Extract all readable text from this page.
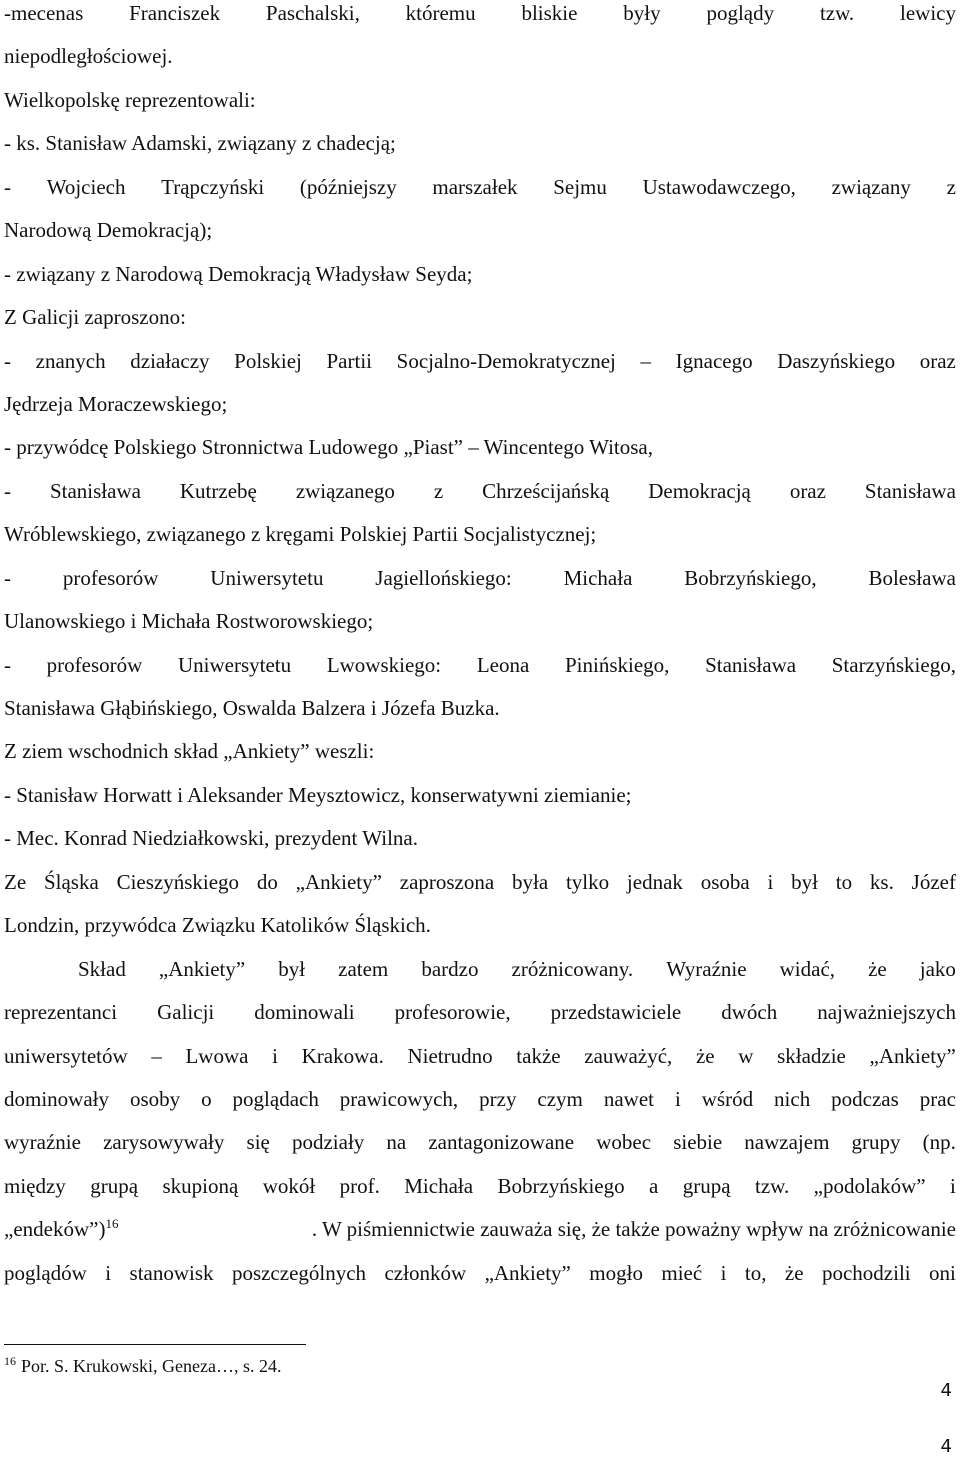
-mecenas Franciszek Paschalski, któremu bliskie były poglądy tzw. lewicy
niepodległościowej.
Wielkopolskę reprezentowali:
- ks. Stanisław Adamski, związany z chadecją;
- Wojciech Trąpczyński (późniejszy marszałek Sejmu Ustawodawczego, związany z
Narodową Demokracją);
- związany z Narodową Demokracją Władysław Seyda;
Z Galicji zaproszono:
- znanych działaczy Polskiej Partii Socjalno-Demokratycznej – Ignacego Daszyńskiego oraz
Jędrzeja Moraczewskiego;
- przywódcę Polskiego Stronnictwa Ludowego „Piast” – Wincentego Witosa,
- Stanisława Kutrzebę związanego z Chrześcijańską Demokracją oraz Stanisława
Wróblewskiego, związanego z kręgami Polskiej Partii Socjalistycznej;
- profesorów Uniwersytetu Jagiellońskiego: Michała Bobrzyńskiego, Bolesława
Ulanowskiego i Michała Rostworowskiego;
- profesorów Uniwersytetu Lwowskiego: Leona Pinińskiego, Stanisława Starzyńskiego,
Stanisława Głąbińskiego, Oswalda Balzera i Józefa Buzka.
Z ziem wschodnich skład „Ankiety” weszli:
- Stanisław Horwatt i Aleksander Meysztowicz, konserwatywni ziemianie;
- Mec. Konrad Niedziałkowski, prezydent Wilna.
Ze Śląska Cieszyńskiego do „Ankiety” zaproszona była tylko jednak osoba i był to ks. Józef
Londzin, przywódca Związku Katolików Śląskich.
Skład „Ankiety” był zatem bardzo zróżnicowany. Wyraźnie widać, że jako
reprezentanci Galicji dominowali profesorowie, przedstawiciele dwóch najważniejszych
uniwersytetów – Lwowa i Krakowa. Nietrudno także zauważyć, że w składzie „Ankiety”
dominowały osoby o poglądach prawicowych, przy czym nawet i wśród nich podczas prac
wyraźnie zarysowywały się podziały na zantagonizowane wobec siebie nawzajem grupy (np.
między grupą skupioną wokół prof. Michała Bobrzyńskiego a grupą tzw. „podolaków” i
„endeków”)$^{16}$	. W piśmiennictwie zauważa się, że także poważny wpływ na zróżnicowanie
poglądów i stanowisk poszczególnych członków „Ankiety” mogło mieć i to, że pochodzili oni
$^{16}$ Por. S. Krukowski, Geneza…, s. 24.
4
4
